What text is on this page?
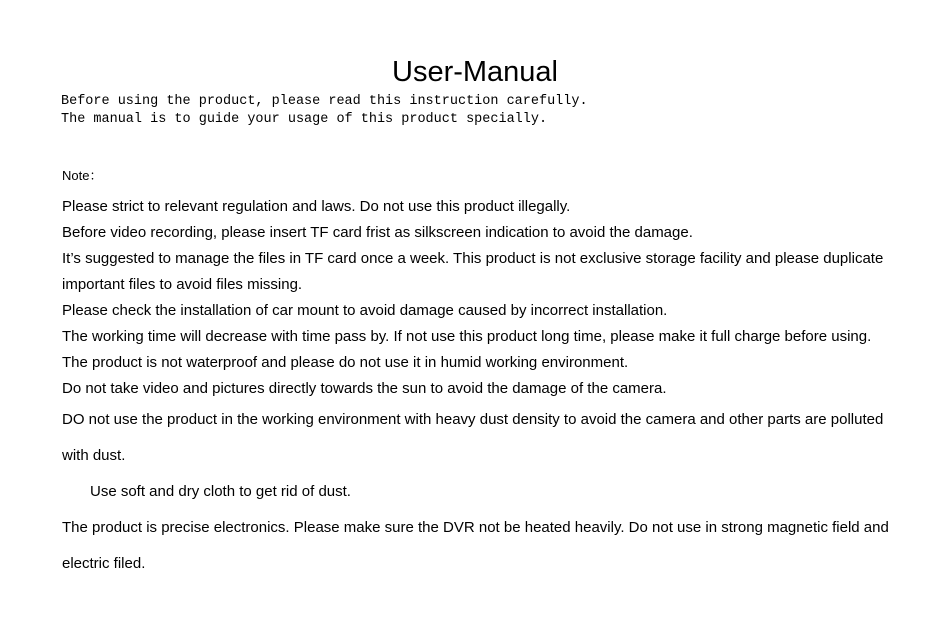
User-Manual
Before using the product, please read this instruction carefully.
The manual is to guide your usage of this product specially.
Note：

Please strict to relevant regulation and laws. Do not use this product illegally.

Before video recording, please insert TF card frist as silkscreen indication to avoid the damage.

It’s suggested to manage the files in TF card once a week. This product is not exclusive storage facility and please duplicate important files to avoid files missing.

Please check the installation of car mount to avoid damage caused by incorrect installation.

The working time will decrease with time pass by. If not use this product long time, please make it full charge before using.

The product is not waterproof and please do not use it in humid working environment.

Do not take video and pictures directly towards the sun to avoid the damage of the camera.

DO not use the product in the working environment with heavy dust density to avoid the camera and other parts are polluted with dust.

Use soft and dry cloth to get rid of dust.

The product is precise electronics. Please make sure the DVR not be heated heavily. Do not use in strong magnetic field and electric filed.
